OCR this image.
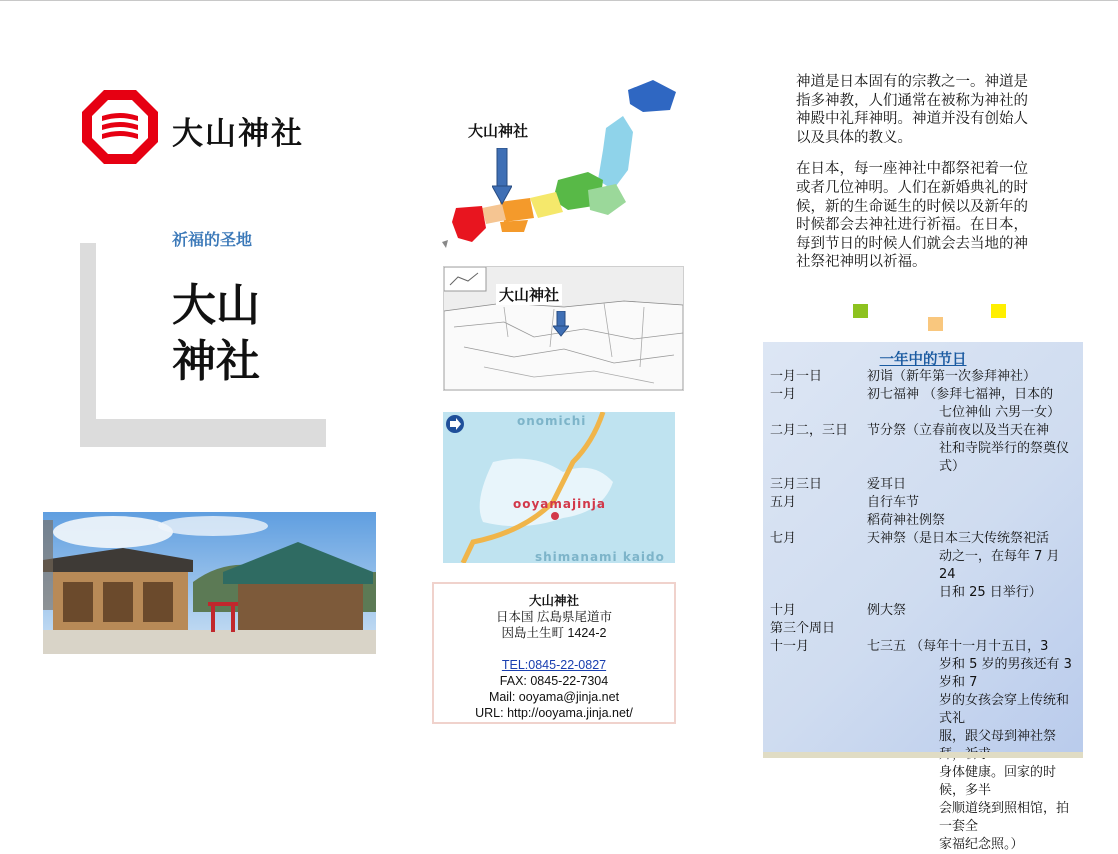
大山神社
祈福的圣地
大山
神社
大山神社
大山神社
onomichi
ooyamajinja
shimanami kaido
大山神社
日本国 広島県尾道市
因島土生町 1424-2
TEL:0845-22-0827
FAX: 0845-22-7304
Mail: ooyama@jinja.net
URL: http://ooyama.jinja.net/

神道是日本固有的宗教之一。神道是指多神教，人们通常在被称为神社的神殿中礼拜神明。神道并没有创始人以及具体的教义。

在日本，每一座神社中都祭祀着一位或者几位神明。人们在新婚典礼的时候，新的生命诞生的时候以及新年的时候都会去神社进行祈福。在日本，每到节日的时候人们就会去当地的神社祭祀神明以祈福。

一年中的节日
一月一日	初诣（新年第一次参拜神社）
一月	初七福神 （参拜七福神，日本的
七位神仙 六男一女）
二月二，三日	节分祭（立春前夜以及当天在神
社和寺院举行的祭奠仪
式）
三月三日	爱耳日
五月	自行车节

稻荷神社例祭
七月	天神祭（是日本三大传统祭祀活
动之一，在每年 7 月 24
日和 25 日举行）
十月	例大祭
第三个周日
十一月	七三五 （每年十一月十五日，3
岁和 5 岁的男孩还有 3 岁和 7
岁的女孩会穿上传统和式礼
服，跟父母到神社祭
身体健康。回家的时候，多半
会顺道绕到照相馆，拍一套全
家福纪念照。）
